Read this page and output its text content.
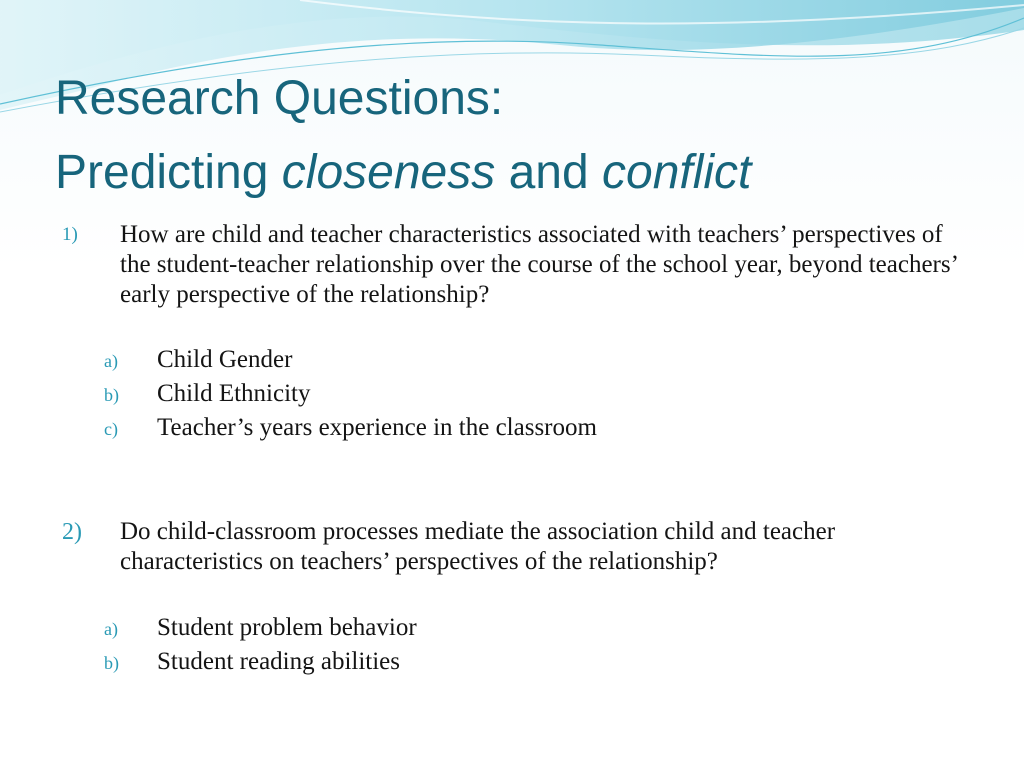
Research Questions:
Predicting closeness and conflict
1) How are child and teacher characteristics associated with teachers’ perspectives of the student-teacher relationship over the course of the school year, beyond teachers’ early perspective of the relationship?

a) Child Gender
b) Child Ethnicity
c) Teacher’s years experience in the classroom
2) Do child-classroom processes mediate the association child and teacher characteristics on teachers’ perspectives of the relationship?

a) Student problem behavior
b) Student reading abilities
